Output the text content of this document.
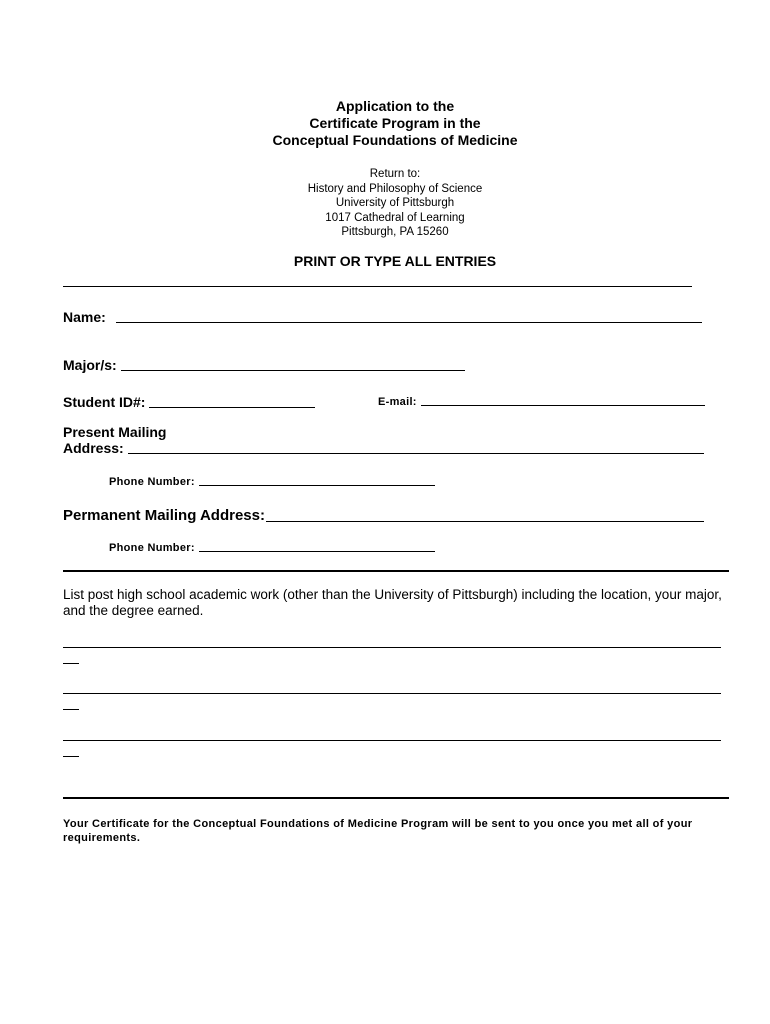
Application to the
Certificate Program in the
Conceptual Foundations of Medicine
Return to:
History and Philosophy of Science
University of Pittsburgh
1017 Cathedral of Learning
Pittsburgh, PA 15260
PRINT OR TYPE ALL ENTRIES
Name:
Major/s:
Student ID#:	E-mail:
Present Mailing
Address:
Phone Number:
Permanent Mailing Address:
Phone Number:
List post high school academic work (other than the University of Pittsburgh) including the location, your major, and the degree earned.
Your Certificate for the Conceptual Foundations of Medicine Program will be sent to you once you met all of your requirements.
